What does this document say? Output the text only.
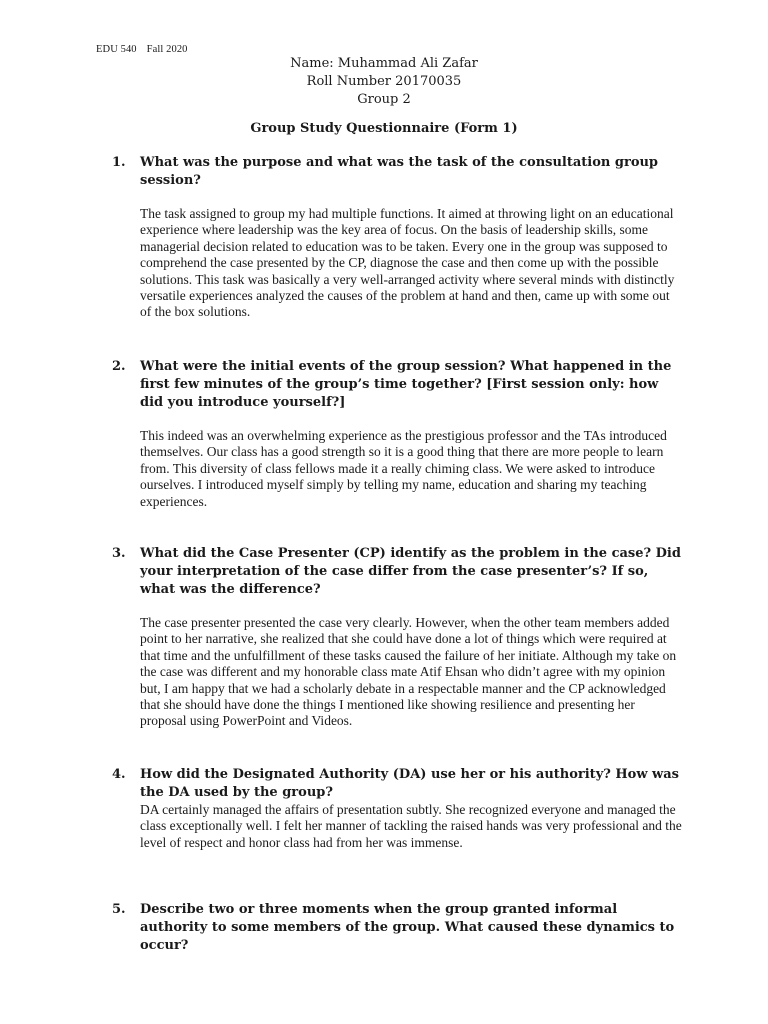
EDU 540 Fall 2020
Name: Muhammad Ali Zafar
Roll Number 20170035
Group 2
Group Study Questionnaire (Form 1)
1.	What was the purpose and what was the task of the consultation group session?
The task assigned to group my had multiple functions. It aimed at throwing light on an educational experience where leadership was the key area of focus. On the basis of leadership skills, some managerial decision related to education was to be taken. Every one in the group was supposed to comprehend the case presented by the CP, diagnose the case and then come up with the possible solutions. This task was basically a very well-arranged activity where several minds with distinctly versatile experiences analyzed the causes of the problem at hand and then, came up with some out of the box solutions.
2.	What were the initial events of the group session? What happened in the first few minutes of the group’s time together? [First session only: how did you introduce yourself?]
This indeed was an overwhelming experience as the prestigious professor and the TAs introduced themselves. Our class has a good strength so it is a good thing that there are more people to learn from. This diversity of class fellows made it a really chiming class. We were asked to introduce ourselves. I introduced myself simply by telling my name, education and sharing my teaching experiences.
3.	What did the Case Presenter (CP) identify as the problem in the case? Did your interpretation of the case differ from the case presenter’s? If so, what was the difference?
The case presenter presented the case very clearly. However, when the other team members added point to her narrative, she realized that she could have done a lot of things which were required at that time and the unfulfillment of these tasks caused the failure of her initiate. Although my take on the case was different and my honorable class mate Atif Ehsan who didn’t agree with my opinion but, I am happy that we had a scholarly debate in a respectable manner and the CP acknowledged that she should have done the things I mentioned like showing resilience and presenting her proposal using PowerPoint and Videos.
4.	How did the Designated Authority (DA) use her or his authority? How was the DA used by the group?
DA certainly managed the affairs of presentation subtly. She recognized everyone and managed the class exceptionally well. I felt her manner of tackling the raised hands was very professional and the level of respect and honor class had from her was immense.
5.	Describe two or three moments when the group granted informal authority to some members of the group. What caused these dynamics to occur?
